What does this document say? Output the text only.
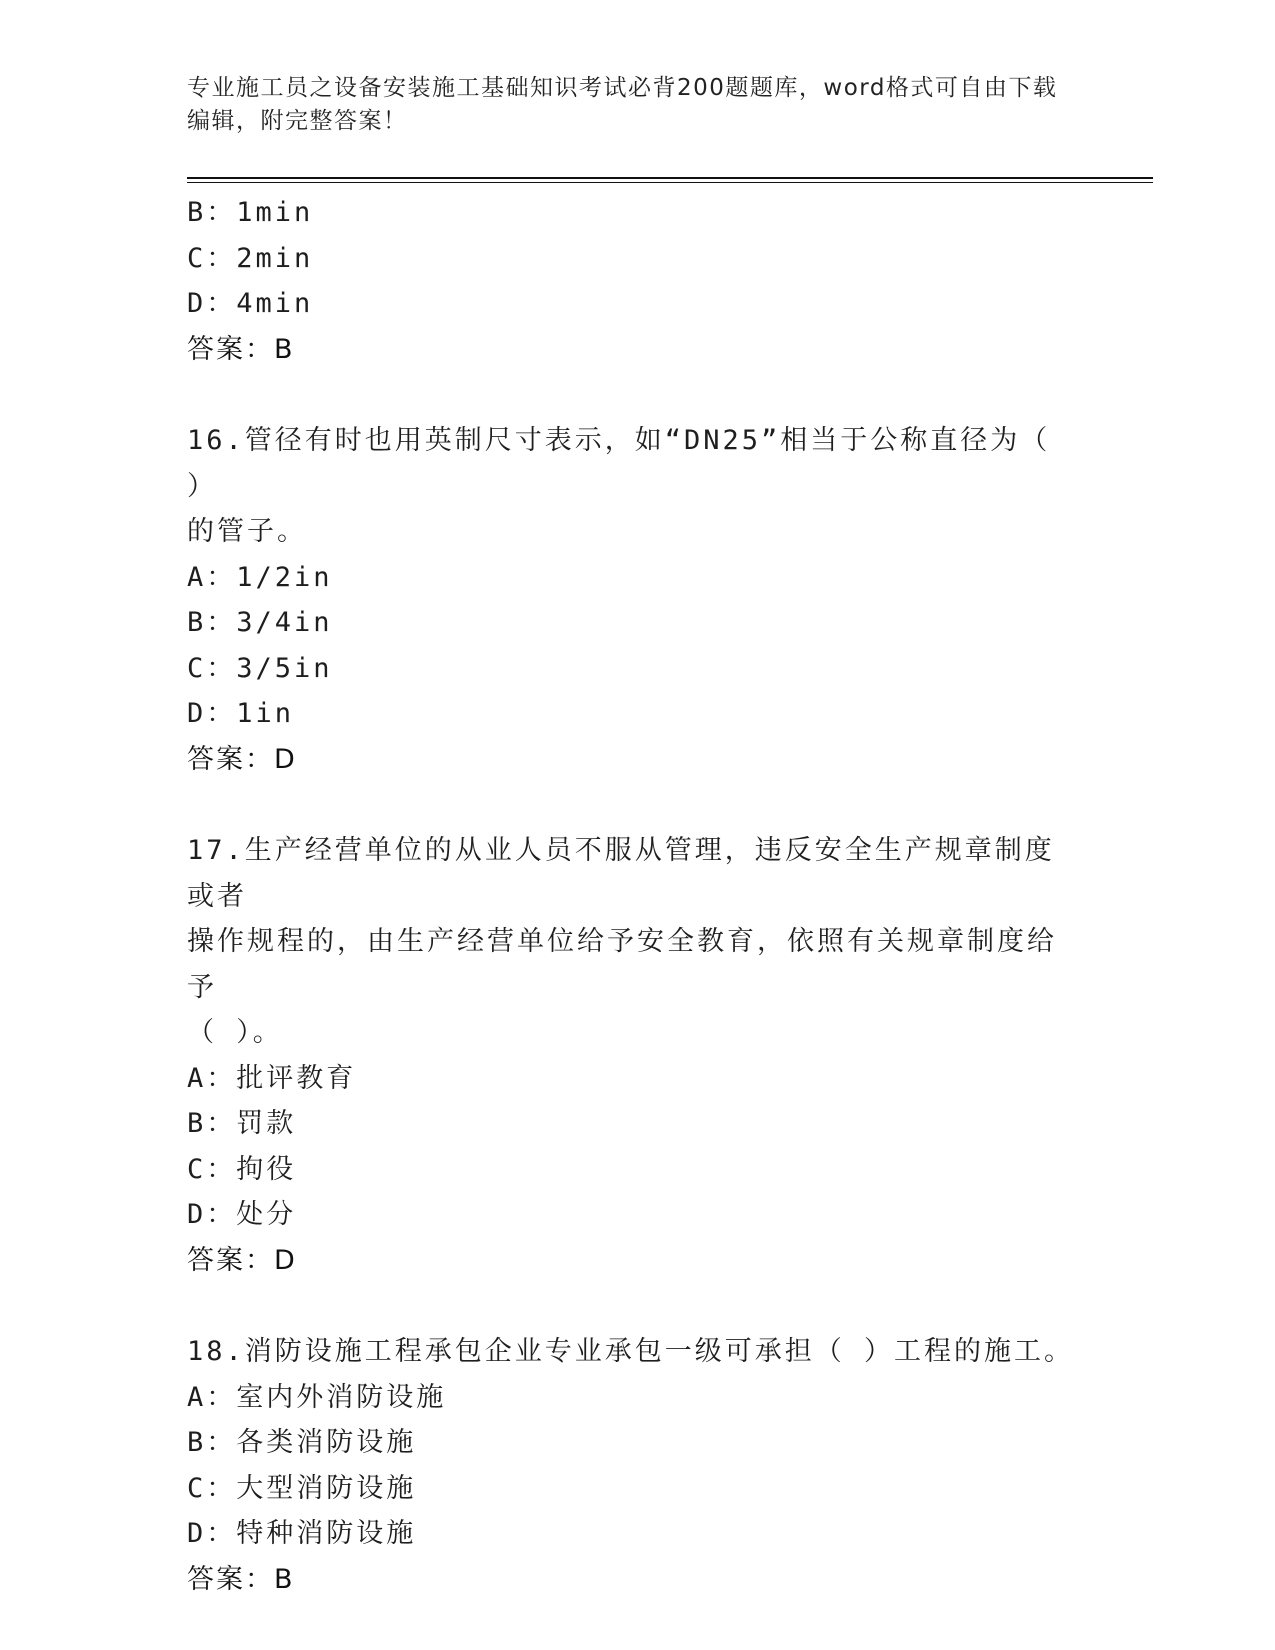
专业施工员之设备安装施工基础知识考试必背200题题库，word格式可自由下载
编辑，附完整答案！
B：1min
C：2min
D：4min
答案：B
16.管径有时也用英制尺寸表示，如“DN25”相当于公称直径为（ ）
的管子。
A：1/2in
B：3/4in
C：3/5in
D：1in
答案：D
17.生产经营单位的从业人员不服从管理，违反安全生产规章制度或者
操作规程的，由生产经营单位给予安全教育，依照有关规章制度给予
（ ）。
A：批评教育
B：罚款
C：拘役
D：处分
答案：D
18.消防设施工程承包企业专业承包一级可承担（ ）工程的施工。
A：室内外消防设施
B：各类消防设施
C：大型消防设施
D：特种消防设施
答案：B
